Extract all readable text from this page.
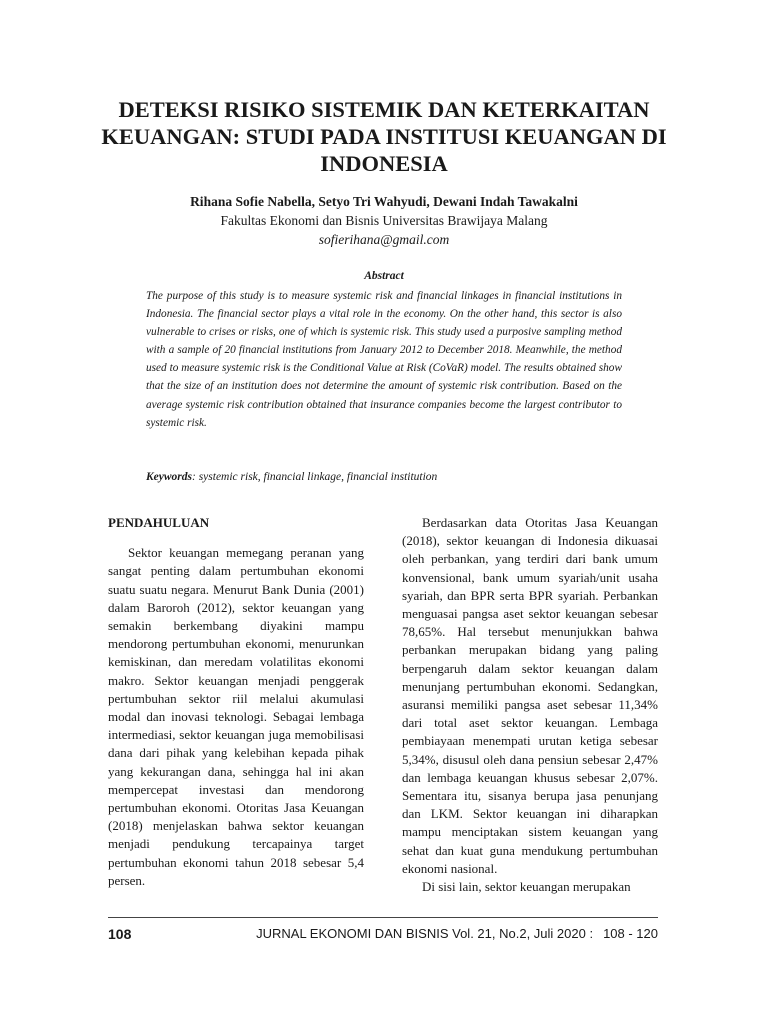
DETEKSI RISIKO SISTEMIK DAN KETERKAITAN KEUANGAN: STUDI PADA INSTITUSI KEUANGAN DI INDONESIA

Rihana Sofie Nabella, Setyo Tri Wahyudi, Dewani Indah Tawakalni

Fakultas Ekonomi dan Bisnis Universitas Brawijaya Malang

sofierihana@gmail.com

Abstract

The purpose of this study is to measure systemic risk and financial linkages in financial institutions in Indonesia. The financial sector plays a vital role in the economy. On the other hand, this sector is also vulnerable to crises or risks, one of which is systemic risk. This study used a purposive sampling method with a sample of 20 financial institutions from January 2012 to December 2018. Meanwhile, the method used to measure systemic risk is the Conditional Value at Risk (CoVaR) model. The results obtained show that the size of an institution does not determine the amount of systemic risk contribution. Based on the average systemic risk contribution obtained that insurance companies become the largest contributor to systemic risk.

Keywords: systemic risk, financial linkage, financial institution

PENDAHULUAN

Sektor keuangan memegang peranan yang sangat penting dalam pertumbuhan ekonomi suatu suatu negara. Menurut Bank Dunia (2001) dalam Baroroh (2012), sektor keuangan yang semakin berkembang diyakini mampu mendorong pertumbuhan ekonomi, menurunkan kemiskinan, dan meredam volatilitas ekonomi makro. Sektor keuangan menjadi penggerak pertumbuhan sektor riil melalui akumulasi modal dan inovasi teknologi. Sebagai lembaga intermediasi, sektor keuangan juga memobilisasi dana dari pihak yang kelebihan kepada pihak yang kekurangan dana, sehingga hal ini akan mempercepat investasi dan mendorong pertumbuhan ekonomi. Otoritas Jasa Keuangan (2018) menjelaskan bahwa sektor keuangan menjadi pendukung tercapainya target pertumbuhan ekonomi tahun 2018 sebesar 5,4 persen.

Berdasarkan data Otoritas Jasa Keuangan (2018), sektor keuangan di Indonesia dikuasai oleh perbankan, yang terdiri dari bank umum konvensional, bank umum syariah/unit usaha syariah, dan BPR serta BPR syariah. Perbankan menguasai pangsa aset sektor keuangan sebesar 78,65%. Hal tersebut menunjukkan bahwa perbankan merupakan bidang yang paling berpengaruh dalam sektor keuangan dalam menunjang pertumbuhan ekonomi. Sedangkan, asuransi memiliki pangsa aset sebesar 11,34% dari total aset sektor keuangan. Lembaga pembiayaan menempati urutan ketiga sebesar 5,34%, disusul oleh dana pensiun sebesar 2,47% dan lembaga keuangan khusus sebesar 2,07%. Sementara itu, sisanya berupa jasa penunjang dan LKM. Sektor keuangan ini diharapkan mampu menciptakan sistem keuangan yang sehat dan kuat guna mendukung pertumbuhan ekonomi nasional.

Di sisi lain, sektor keuangan merupakan

108	JURNAL EKONOMI DAN BISNIS Vol. 21, No.2, Juli 2020 : 108 - 120
